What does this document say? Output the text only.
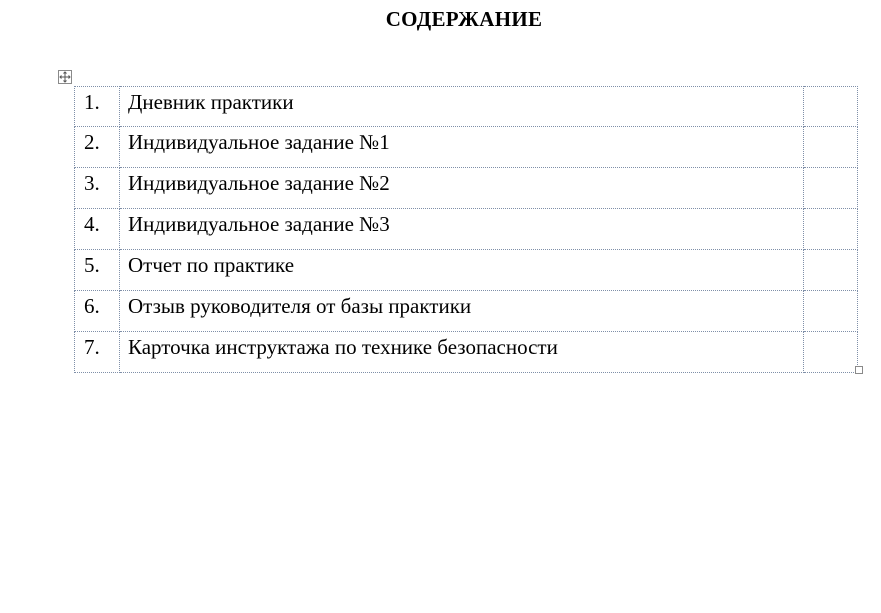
СОДЕРЖАНИЕ
1.	Дневник практики	

2.	Индивидуальное задание №1	

3.	Индивидуальное задание №2	

4.	Индивидуальное задание №3	

5.	Отчет по практике	

6.	Отзыв руководителя от базы практики	

7.	Карточка инструктажа по технике безопасности	
